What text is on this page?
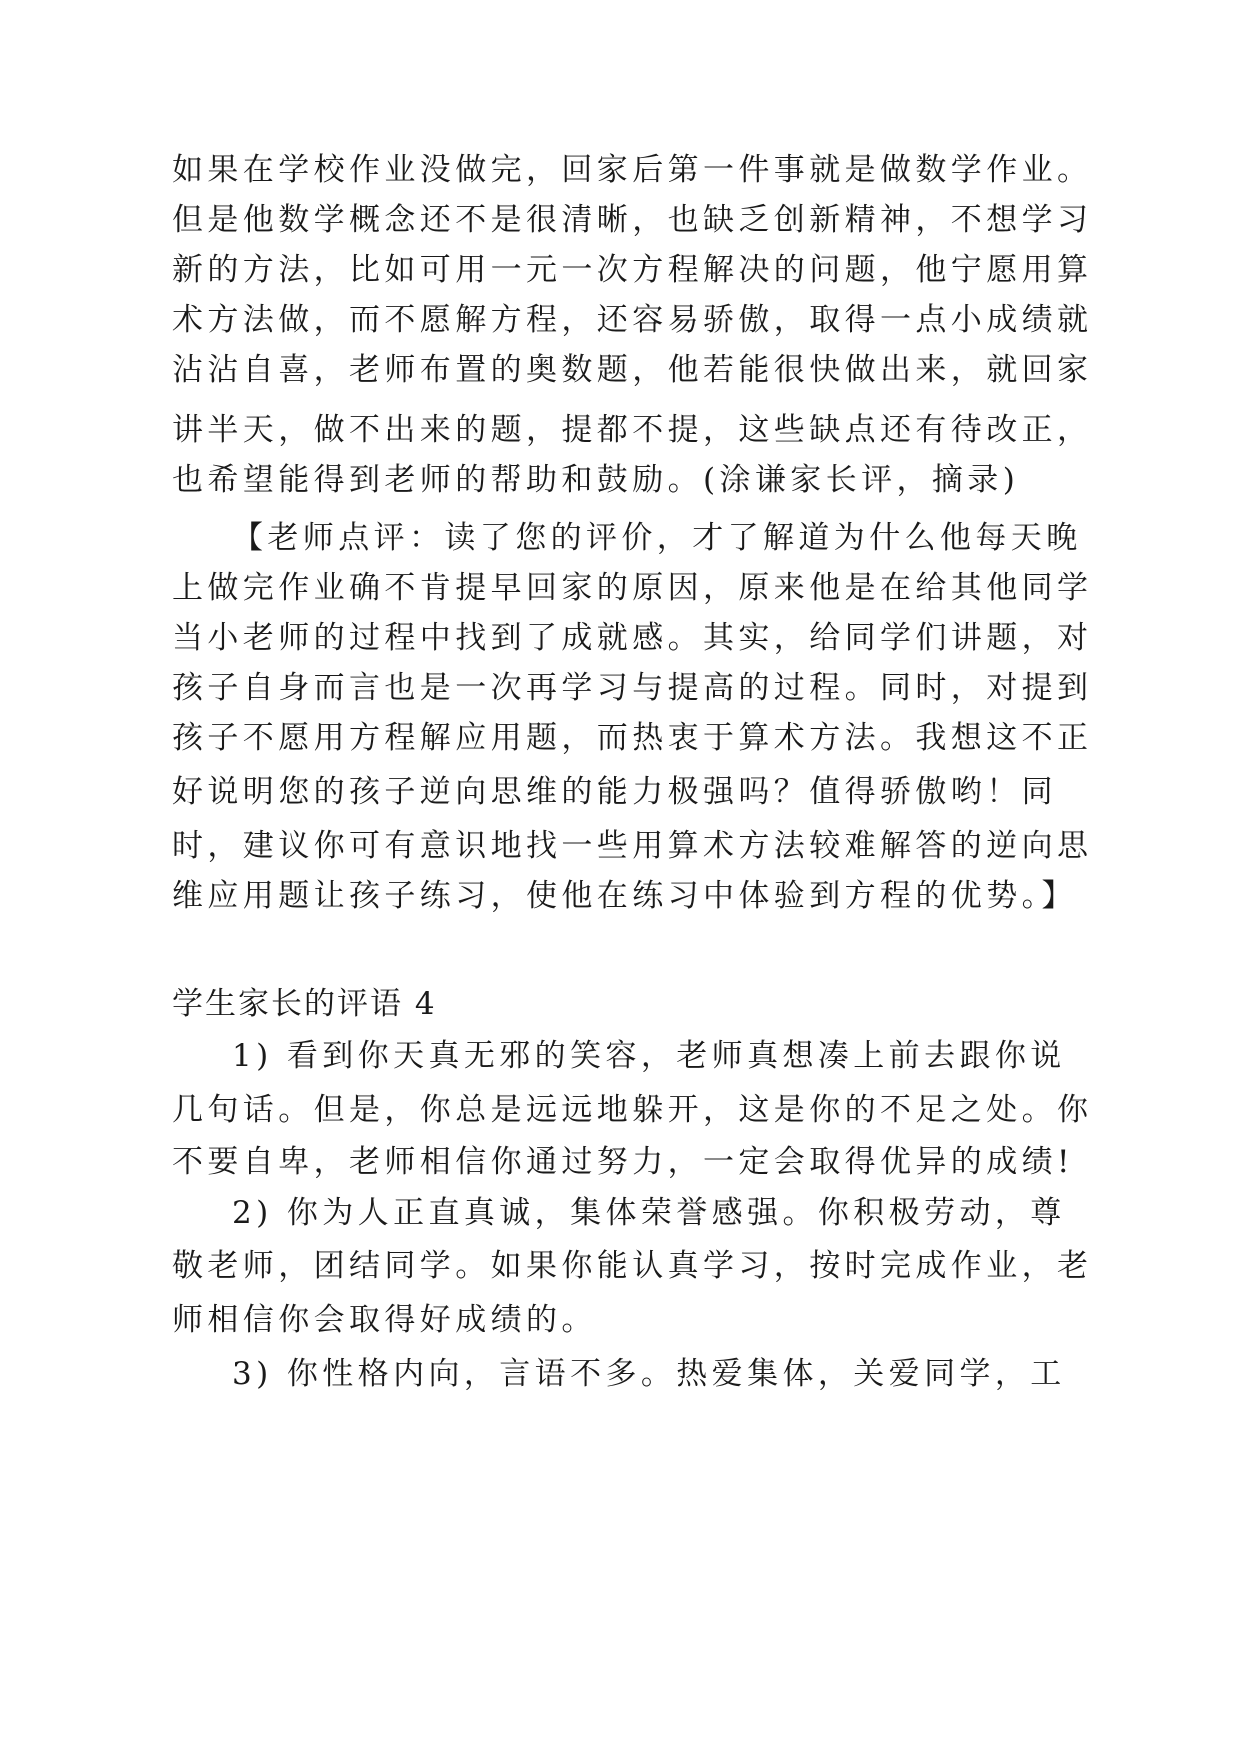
如果在学校作业没做完，回家后第一件事就是做数学作业。
但是他数学概念还不是很清晰，也缺乏创新精神，不想学习
新的方法，比如可用一元一次方程解决的问题，他宁愿用算
术方法做，而不愿解方程，还容易骄傲，取得一点小成绩就
沾沾自喜，老师布置的奥数题，他若能很快做出来，就回家
讲半天，做不出来的题，提都不提，这些缺点还有待改正，
也希望能得到老师的帮助和鼓励。(涂谦家长评，摘录)
【老师点评：读了您的评价，才了解道为什么他每天晚
上做完作业确不肯提早回家的原因，原来他是在给其他同学
当小老师的过程中找到了成就感。其实，给同学们讲题，对
孩子自身而言也是一次再学习与提高的过程。同时，对提到
孩子不愿用方程解应用题，而热衷于算术方法。我想这不正
好说明您的孩子逆向思维的能力极强吗？值得骄傲哟！同
时，建议你可有意识地找一些用算术方法较难解答的逆向思
维应用题让孩子练习，使他在练习中体验到方程的优势。】
学生家长的评语 4
1) 看到你天真无邪的笑容，老师真想凑上前去跟你说
几句话。但是，你总是远远地躲开，这是你的不足之处。你
不要自卑，老师相信你通过努力，一定会取得优异的成绩!
2) 你为人正直真诚，集体荣誉感强。你积极劳动，尊
敬老师，团结同学。如果你能认真学习，按时完成作业，老
师相信你会取得好成绩的。
3) 你性格内向，言语不多。热爱集体，关爱同学，工
